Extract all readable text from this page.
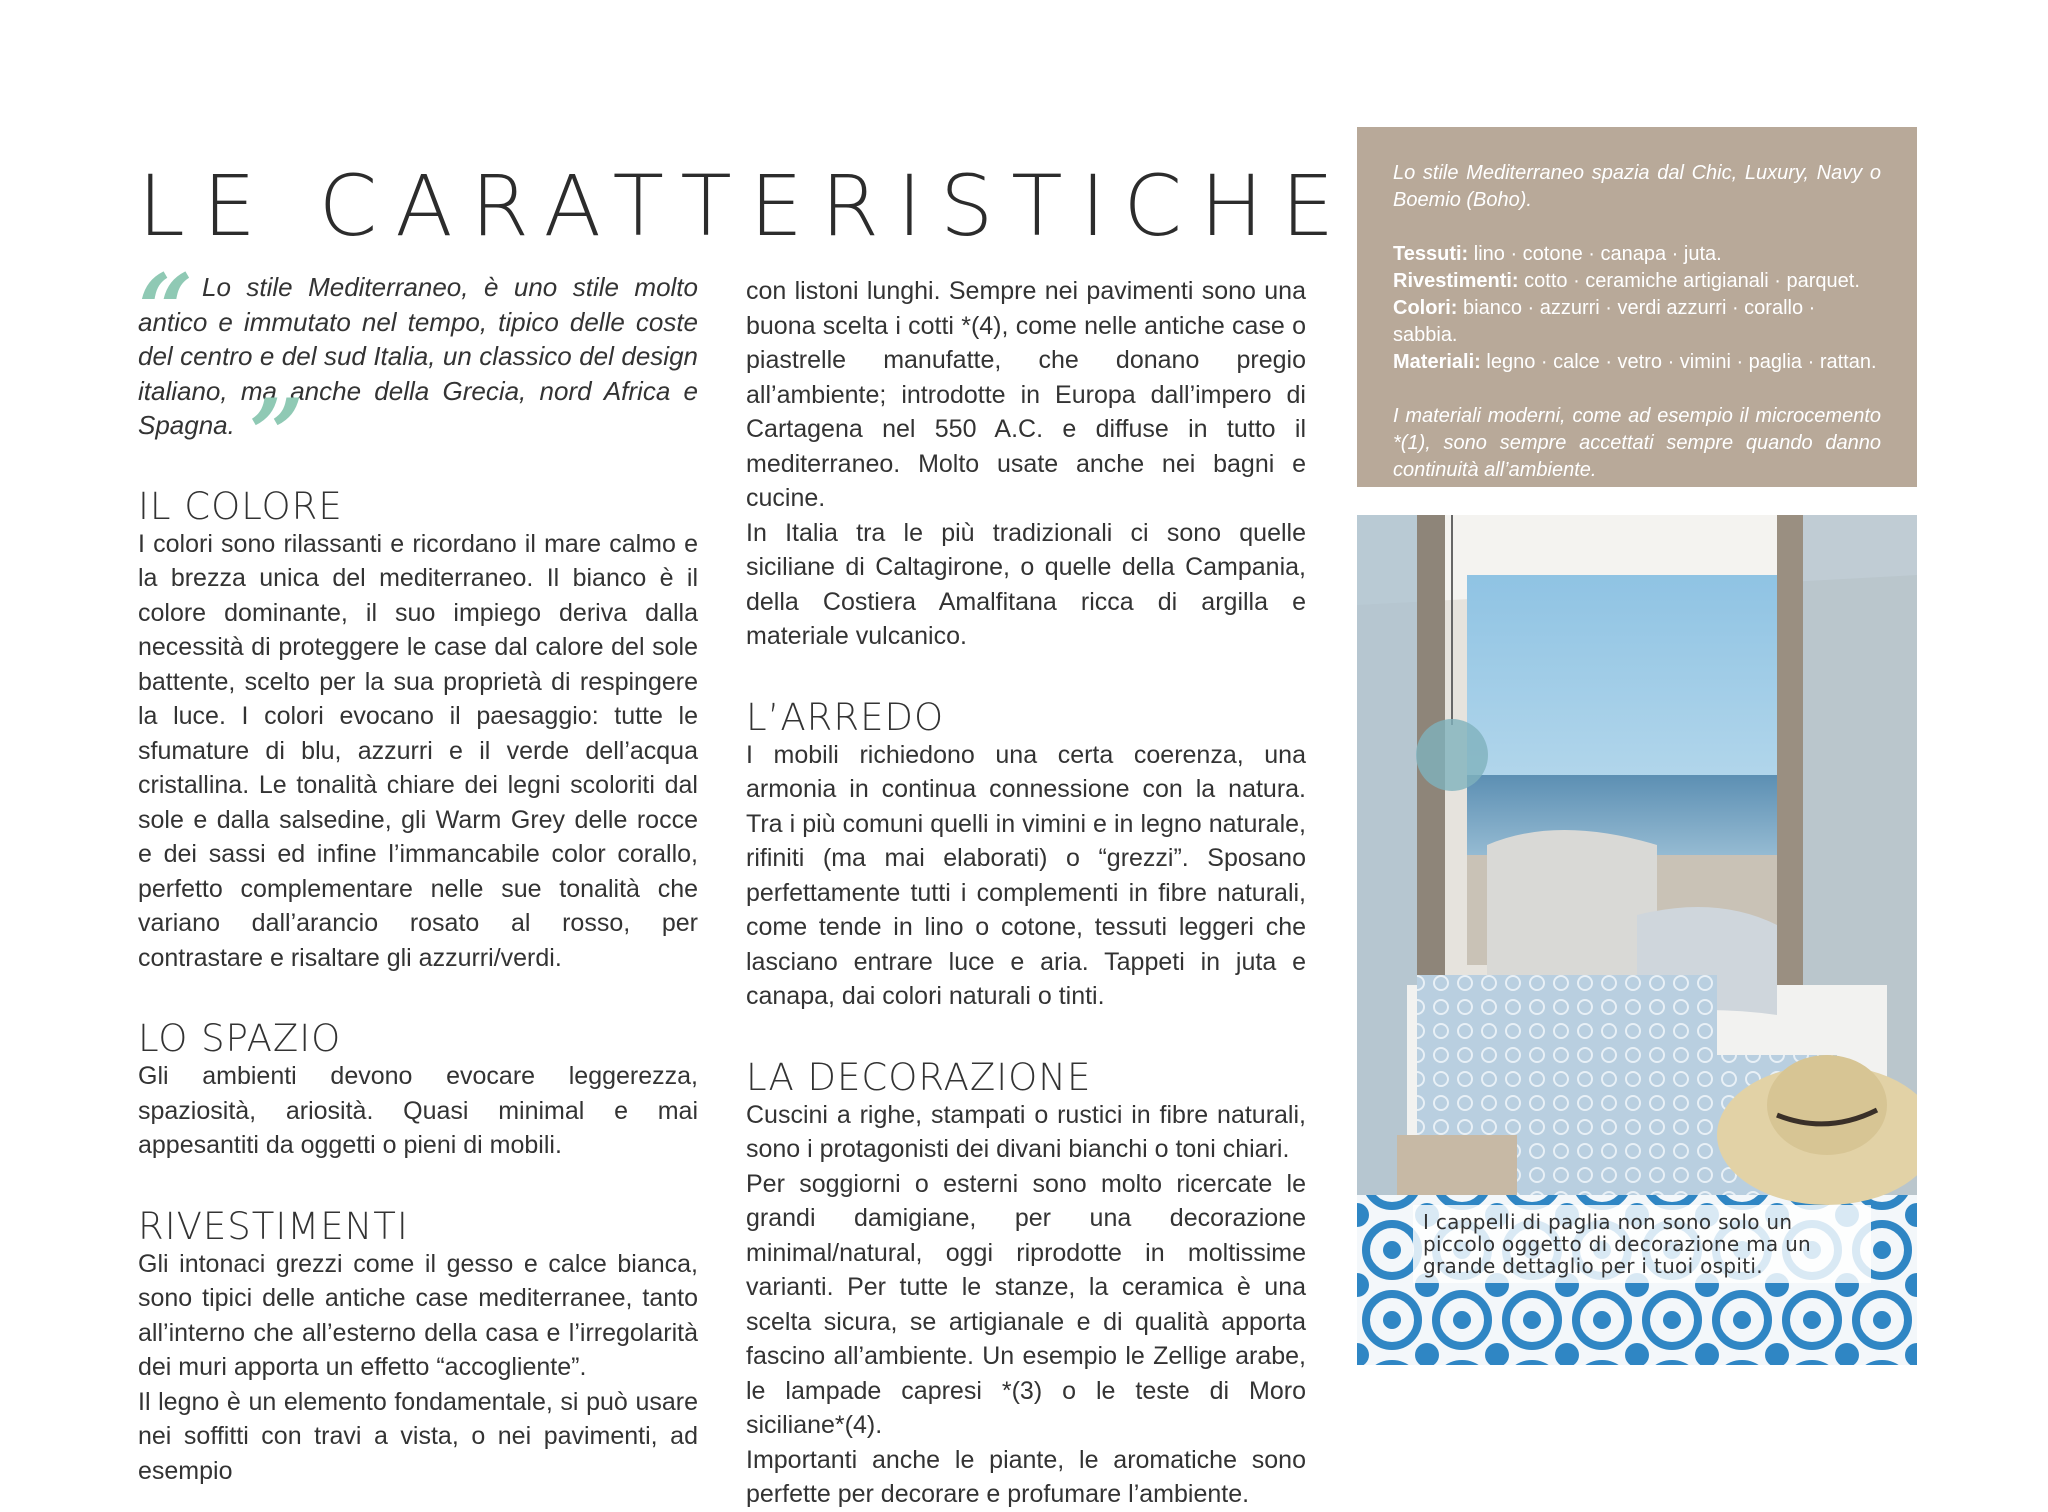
LE CARATTERISTICHE
“ Lo stile Mediterraneo, è uno stile molto antico e immutato nel tempo, tipico delle coste del centro e del sud Italia, un classico del design italiano, ma anche della Grecia, nord Africa e Spagna. ”
IL COLORE

I colori sono rilassanti e ricordano il mare calmo e la brezza unica del mediterraneo. Il bianco è il colore dominante, il suo impiego deriva dalla necessità di proteggere le case dal calore del sole battente, scelto per la sua proprietà di respingere la luce. I colori evocano il paesaggio: tutte le sfumature di blu, azzurri e il verde dell’acqua cristallina. Le tonalità chiare dei legni scoloriti dal sole e dalla salsedine, gli Warm Grey delle rocce e dei sassi ed infine l’immancabile color corallo, perfetto complementare nelle sue tonalità che variano dall’arancio rosato al rosso, per contrastare e risaltare gli azzurri/verdi.

LO SPAZIO

Gli ambienti devono evocare leggerezza, spaziosità, ariosità. Quasi minimal e mai appesantiti da oggetti o pieni di mobili.

RIVESTIMENTI

Gli intonaci grezzi come il gesso e calce bianca, sono tipici delle antiche case mediterranee, tanto all’interno che all’esterno della casa e l’irregolarità dei muri apporta un effetto “accogliente”.

Il legno è un elemento fondamentale, si può usare nei soffitti con travi a vista, o nei pavimenti, ad esempio

con listoni lunghi. Sempre nei pavimenti sono una buona scelta i cotti *(4), come nelle antiche case o piastrelle manufatte, che donano pregio all’ambiente; introdotte in Europa dall’impero di Cartagena nel 550 A.C. e diffuse in tutto il mediterraneo. Molto usate anche nei bagni e cucine.

In Italia tra le più tradizionali ci sono quelle siciliane di Caltagirone, o quelle della Campania, della Costiera Amalfitana ricca di argilla e materiale vulcanico.

L’ARREDO

I mobili richiedono una certa coerenza, una armonia in continua connessione con la natura. Tra i più comuni quelli in vimini e in legno naturale, rifiniti (ma mai elaborati) o “grezzi”. Sposano perfettamente tutti i complementi in fibre naturali, come tende in lino o cotone, tessuti leggeri che lasciano entrare luce e aria. Tappeti in juta e canapa, dai colori naturali o tinti.

LA DECORAZIONE

Cuscini a righe, stampati o rustici in fibre naturali, sono i protagonisti dei divani bianchi o toni chiari.

Per soggiorni o esterni sono molto ricercate le grandi damigiane, per una decorazione minimal/natural, oggi riprodotte in moltissime varianti. Per tutte le stanze, la ceramica è una scelta sicura, se artigianale e di qualità apporta fascino all’ambiente. Un esempio le Zellige arabe, le lampade capresi *(3) o le teste di Moro siciliane*(4).

Importanti anche le piante, le aromatiche sono perfette per decorare e profumare l’ambiente.

Lo stile Mediterraneo spazia dal Chic, Luxury, Navy o Boemio (Boho).

Tessuti: lino · cotone · canapa · juta.

Rivestimenti: cotto · ceramiche artigianali · parquet.

Colori: bianco · azzurri · verdi azzurri · corallo · sabbia.

Materiali: legno · calce · vetro · vimini · paglia · rattan.

I materiali moderni, come ad esempio il microcemento *(1), sono sempre accettati sempre quando danno continuità all’ambiente.

I cappelli di paglia non sono solo un piccolo oggetto di decorazione ma un grande dettaglio per i tuoi ospiti.
